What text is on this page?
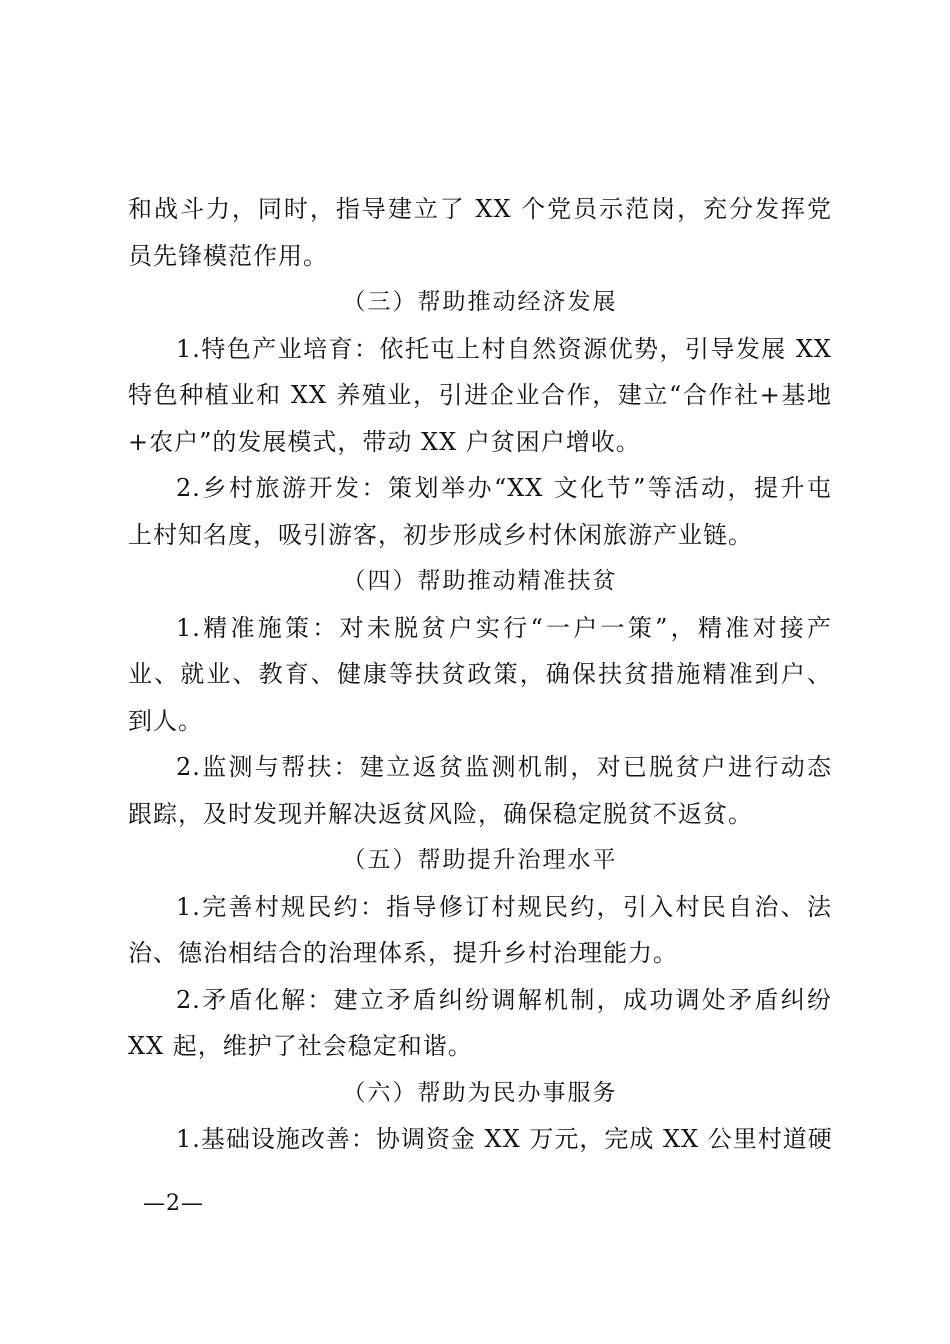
和战斗力，同时，指导建立了 XX 个党员示范岗，充分发挥党
员先锋模范作用。
（三）帮助推动经济发展
1.特色产业培育：依托屯上村自然资源优势，引导发展 XX
特色种植业和 XX 养殖业，引进企业合作，建立“合作社+基地
+农户”的发展模式，带动 XX 户贫困户增收。
2.乡村旅游开发：策划举办“XX 文化节”等活动，提升屯
上村知名度，吸引游客，初步形成乡村休闲旅游产业链。
（四）帮助推动精准扶贫
1.精准施策：对未脱贫户实行“一户一策”，精准对接产
业、就业、教育、健康等扶贫政策，确保扶贫措施精准到户、
到人。
2.监测与帮扶：建立返贫监测机制，对已脱贫户进行动态
跟踪，及时发现并解决返贫风险，确保稳定脱贫不返贫。
（五）帮助提升治理水平
1.完善村规民约：指导修订村规民约，引入村民自治、法
治、德治相结合的治理体系，提升乡村治理能力。
2.矛盾化解：建立矛盾纠纷调解机制，成功调处矛盾纠纷
XX 起，维护了社会稳定和谐。
（六）帮助为民办事服务
1.基础设施改善：协调资金 XX 万元，完成 XX 公里村道硬
—2—
